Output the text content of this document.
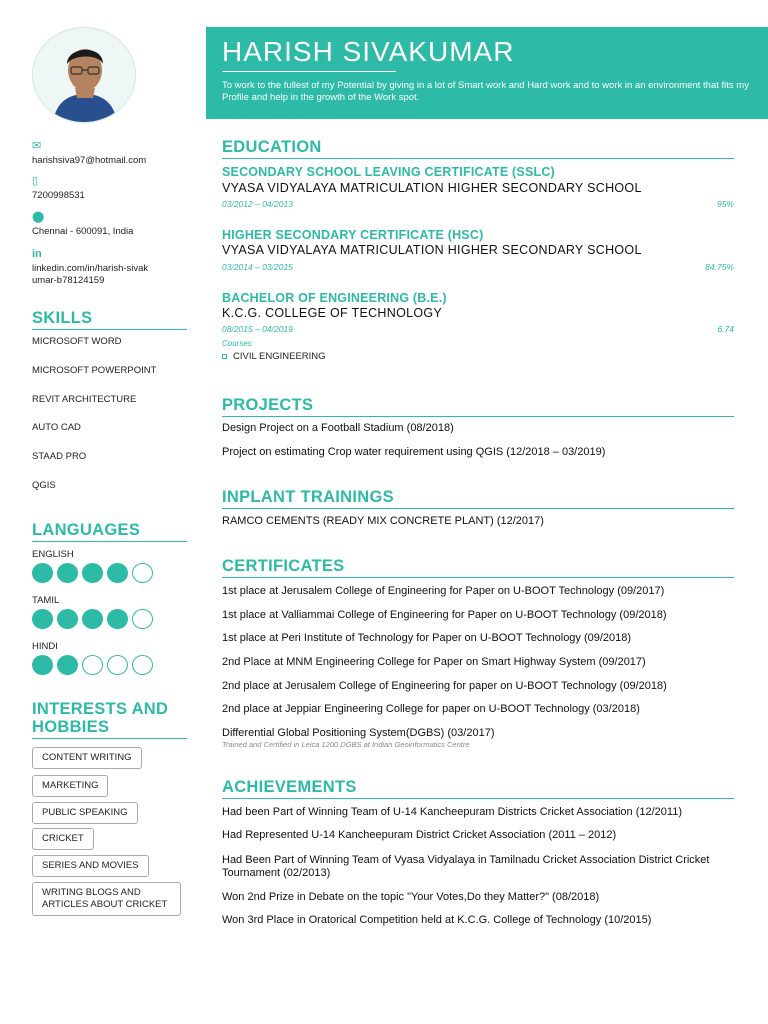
HARISH SIVAKUMAR
To work to the fullest of my Potential by giving in a lot of Smart work and Hard work and to work in an environment that fits my Profile and help in the growth of the Work spot.
✉
harishsiva97@hotmail.com
▯
7200998531
⬤
Chennai - 600091, India
in
linkedin.com/in/harish-sivakumar-b78124159
SKILLS
MICROSOFT WORD
MICROSOFT POWERPOINT
REVIT ARCHITECTURE
AUTO CAD
STAAD PRO
QGIS
LANGUAGES
ENGLISH
TAMIL
HINDI
INTERESTS AND HOBBIES
CONTENT WRITING
MARKETING
PUBLIC SPEAKING
CRICKET
SERIES AND MOVIES
WRITING BLOGS AND ARTICLES ABOUT CRICKET
EDUCATION
SECONDARY SCHOOL LEAVING CERTIFICATE (SSLC)
VYASA VIDYALAYA MATRICULATION HIGHER SECONDARY SCHOOL
03/2012 – 04/2013	95%
HIGHER SECONDARY CERTIFICATE (HSC)
VYASA VIDYALAYA MATRICULATION HIGHER SECONDARY SCHOOL
03/2014 – 03/2015	84.75%
BACHELOR OF ENGINEERING (B.E.)
K.C.G. COLLEGE OF TECHNOLOGY
08/2015 – 04/2019	6.74
Courses
CIVIL ENGINEERING
PROJECTS
Design Project on a Football Stadium (08/2018)
Project on estimating Crop water requirement using QGIS (12/2018 – 03/2019)
INPLANT TRAININGS
RAMCO CEMENTS (READY MIX CONCRETE PLANT) (12/2017)
CERTIFICATES
1st place at Jerusalem College of Engineering for Paper on U-BOOT Technology (09/2017)
1st place at Valliammai College of Engineering for Paper on U-BOOT Technology (09/2018)
1st place at Peri Institute of Technology for Paper on U-BOOT Technology (09/2018)
2nd Place at MNM Engineering College for Paper on Smart Highway System (09/2017)
2nd place at Jerusalem College of Engineering for paper on U-BOOT Technology (09/2018)
2nd place at Jeppiar Engineering College for paper on U-BOOT Technology (03/2018)
Differential Global Positioning System(DGBS) (03/2017)
Trained and Certified in Leica 1200 DGBS at Indian Geoinformatics Centre
ACHIEVEMENTS
Had been Part of Winning Team of U-14 Kancheepuram Districts Cricket Association (12/2011)
Had Represented U-14 Kancheepuram District Cricket Association (2011 – 2012)
Had Been Part of Winning Team of Vyasa Vidyalaya in Tamilnadu Cricket Association District Cricket Tournament (02/2013)
Won 2nd Prize in Debate on the topic "Your Votes,Do they Matter?" (08/2018)
Won 3rd Place in Oratorical Competition held at K.C.G. College of Technology (10/2015)
